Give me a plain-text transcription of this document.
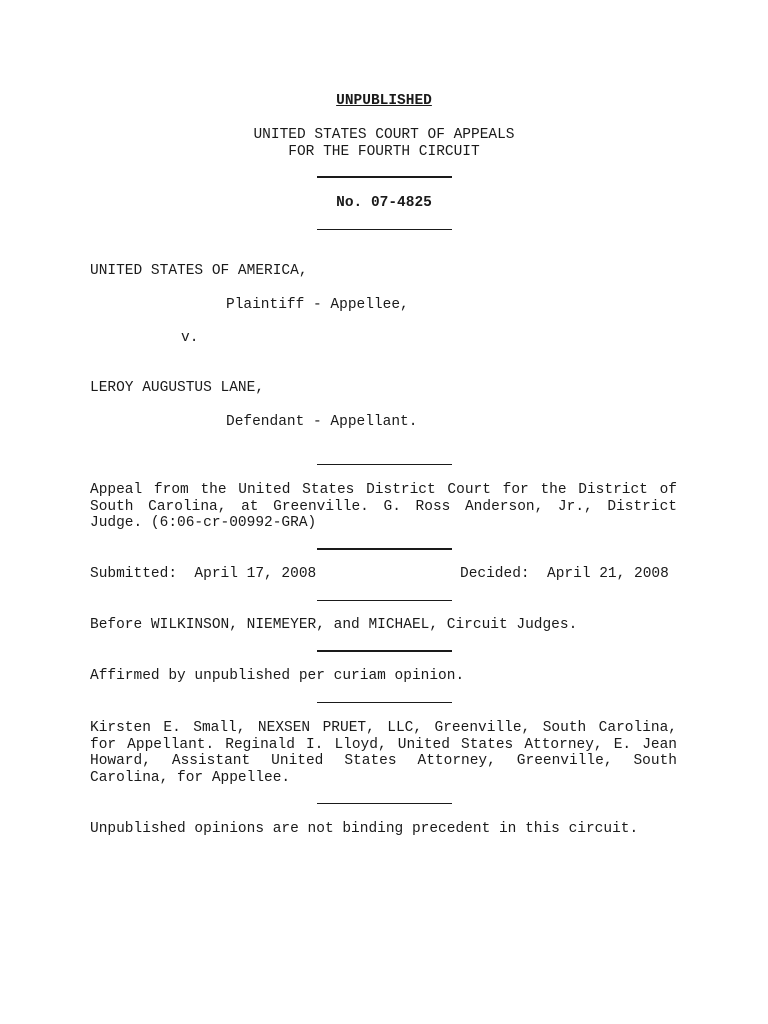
UNPUBLISHED
UNITED STATES COURT OF APPEALS
FOR THE FOURTH CIRCUIT
No. 07-4825
UNITED STATES OF AMERICA,
Plaintiff - Appellee,
v.
LEROY AUGUSTUS LANE,
Defendant - Appellant.
Appeal from the United States District Court for the District of South Carolina, at Greenville. G. Ross Anderson, Jr., District Judge. (6:06-cr-00992-GRA)
Submitted:  April 17, 2008	Decided:  April 21, 2008
Before WILKINSON, NIEMEYER, and MICHAEL, Circuit Judges.
Affirmed by unpublished per curiam opinion.
Kirsten E. Small, NEXSEN PRUET, LLC, Greenville, South Carolina, for Appellant. Reginald I. Lloyd, United States Attorney, E. Jean Howard, Assistant United States Attorney, Greenville, South Carolina, for Appellee.
Unpublished opinions are not binding precedent in this circuit.
